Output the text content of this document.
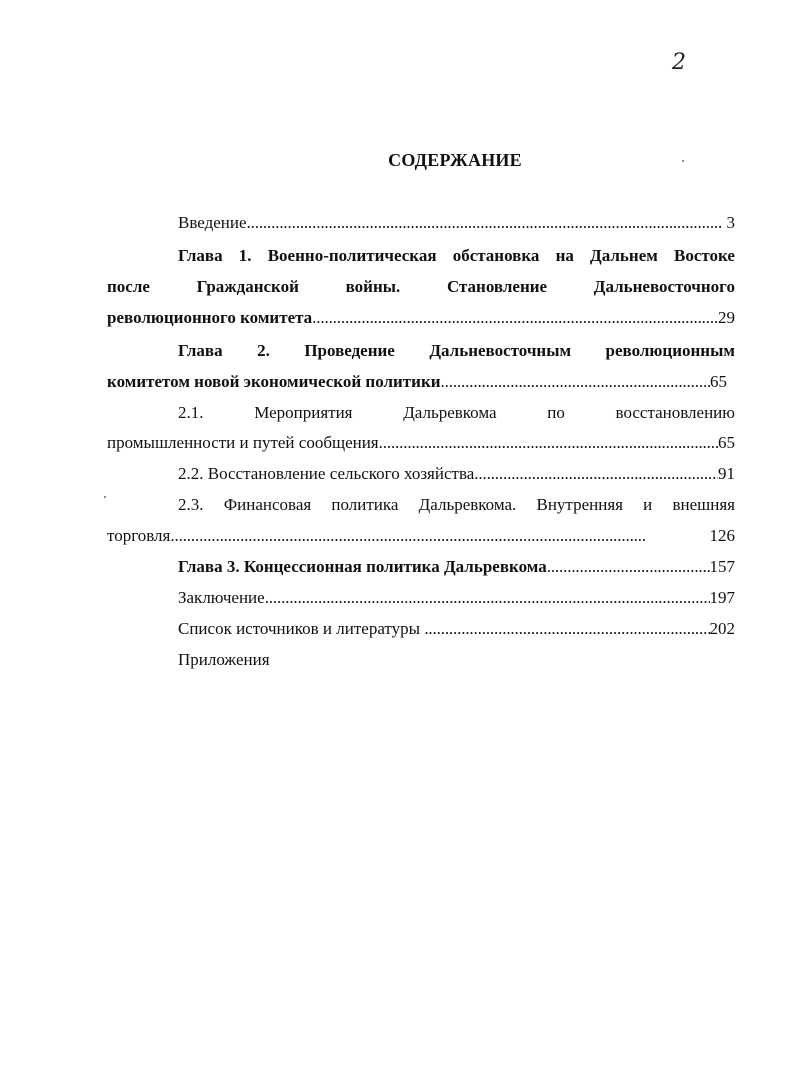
2
СОДЕРЖАНИЕ
Введение . . .	3
Глава 1. Военно-политическая обстановка на Дальнем Востоке
после	Гражданской	войны.	Становление	Дальневосточного
революционного комитета . . .	29
Глава 2. Проведение Дальневосточным революционным
комитетом новой экономической политики . . .	65
2.1.	Мероприятия	Дальревкома	по	восстановлению
промышленности и путей сообщения . . .	65
2.2. Восстановление сельского хозяйства . . .	91
2.3. Финансовая политика Дальревкома. Внутренняя и внешняя
торговля . . .	126
Глава 3. Концессионная политика Дальревкома . . .	157
Заключение . . .	197
Список источников и литературы . . .	202
Приложения
